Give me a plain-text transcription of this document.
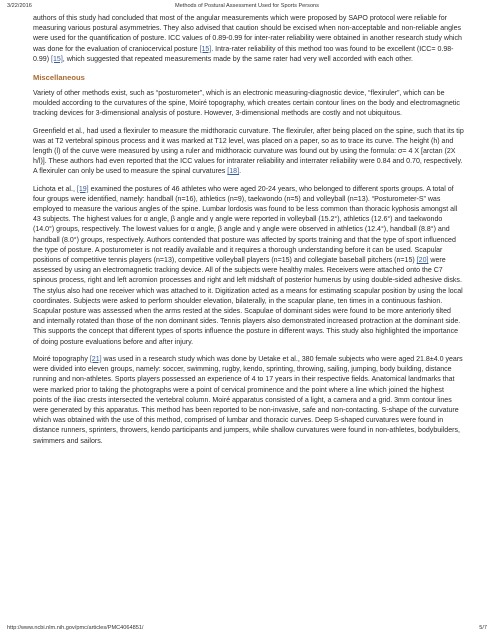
3/22/2016	Methods of Postural Assessment Used for Sports Persons

authors of this study had concluded that most of the angular measurements which were proposed by SAPO protocol were reliable for measuring various postural asymmetries. They also advised that caution should be excised when non-acceptable and non-reliable angles were used for the quantification of posture. ICC values of 0.89-0.99 for inter-rater reliability were obtained in another research study which was done for the evaluation of craniocervical posture [15]. Intra-rater reliability of this method too was found to be excellent (ICC= 0.98-0.99) [15], which suggested that repeated measurements made by the same rater had very well accorded with each other.

Miscellaneous

Variety of other methods exist, such as “posturometer”, which is an electronic measuring-diagnostic device, “flexiruler”, which can be moulded according to the curvatures of the spine, Moiré topography, which creates certain contour lines on the body and electromagnetic tracking devices for 3-dimensional analysis of posture. However, 3-dimensional methods are costly and not ubiquitous.

Greenfield et al., had used a flexiruler to measure the midthoracic curvature. The flexiruler, after being placed on the spine, such that its tip was at T2 vertebral spinous process and it was marked at T12 level, was placed on a paper, so as to trace its curve. The height (h) and length (l) of the curve were measured by using a ruler and midthoracic curvature was found out by using the formula: σ= 4 X [arctan (2X h/l)]. These authors had even reported that the ICC values for intrarater reliability and interrater reliability were 0.84 and 0.70, respectively. A flexiruler can only be used to measure the spinal curvatures [18].

Lichota et al., [19] examined the postures of 46 athletes who were aged 20-24 years, who belonged to different sports groups. A total of four groups were identified, namely: handball (n=16), athletics (n=9), taekwondo (n=5) and volleyball (n=13). “Posturometer-S” was employed to measure the various angles of the spine. Lumbar lordosis was found to be less common than thoracic kyphosis amongst all 43 subjects. The highest values for α angle, β angle and γ angle were reported in volleyball (15.2°), athletics (12.6°) and taekwondo (14.0°) groups, respectively. The lowest values for α angle, β angle and γ angle were observed in athletics (12.4°), handball (8.8°) and handball (8.0°) groups, respectively. Authors contended that posture was affected by sports training and that the type of sport influenced the type of posture. A posturometer is not readily available and it requires a thorough understanding before it can be used. Scapular positions of competitive tennis players (n=13), competitive volleyball players (n=15) and collegiate baseball pitchers (n=15) [20] were assessed by using an electromagnetic tracking device. All of the subjects were healthy males. Receivers were attached onto the C7 spinous process, right and left acromion processes and right and left midshaft of posterior humerus by using double-sided adhesive disks. The stylus also had one receiver which was attached to it. Digitization acted as a means for estimating scapular position by using the local coordinates. Subjects were asked to perform shoulder elevation, bilaterally, in the scapular plane, ten times in a continuous fashion. Scapular posture was assessed when the arms rested at the sides. Scapulae of dominant sides were found to be more anteriorly tilted and internally rotated than those of the non dominant sides. Tennis players also demonstrated increased protraction at the dominant side. This supports the concept that different types of sports influence the posture in different ways. This study also highlighted the importance of doing posture evaluations before and after injury.

Moiré topography [21] was used in a research study which was done by Uetake et al., 380 female subjects who were aged 21.8±4.0 years were divided into eleven groups, namely: soccer, swimming, rugby, kendo, sprinting, throwing, sailing, jumping, body building, distance running and non-athletes. Sports players possessed an experience of 4 to 17 years in their respective fields. Anatomical landmarks that were marked prior to taking the photographs were a point of cervical prominence and the point where a line which joined the highest points of the iliac crests intersected the vertebral column. Moiré apparatus consisted of a light, a camera and a grid. 3mm contour lines were generated by this apparatus. This method has been reported to be non-invasive, safe and non-contacting. S-shape of the curvature which was obtained with the use of this method, comprised of lumbar and thoracic curves. Deep S-shaped curvatures were found in distance runners, sprinters, throwers, kendo participants and jumpers, while shallow curvatures were found in non-athletes, bodybuilders, swimmers and sailors.

http://www.ncbi.nlm.nih.gov/pmc/articles/PMC4064851/	5/7
